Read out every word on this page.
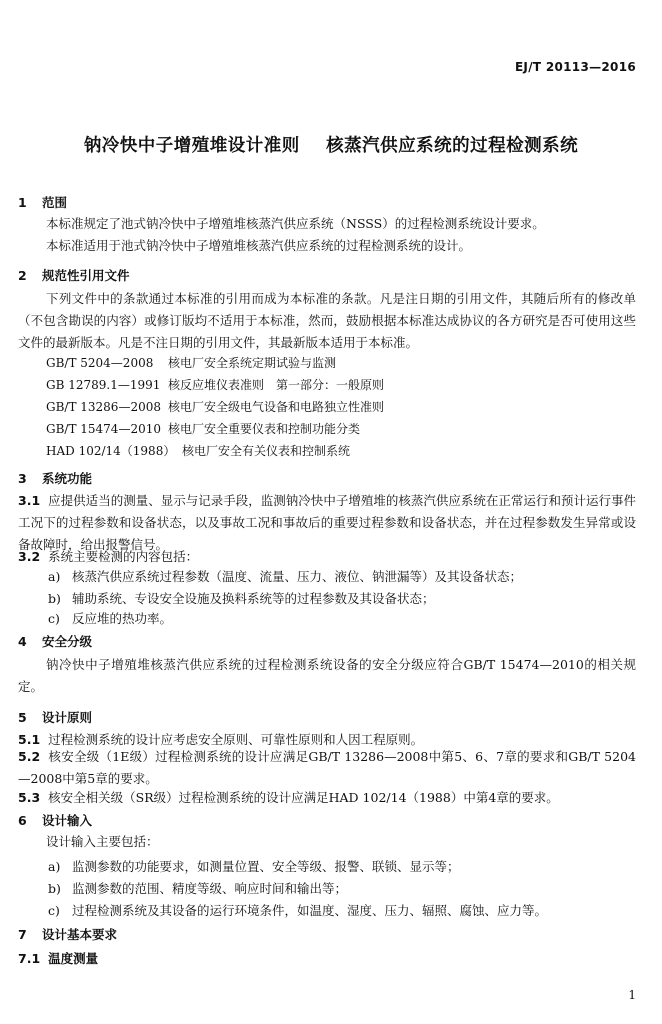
EJ/T 20113—2016
钠冷快中子增殖堆设计准则    核蒸汽供应系统的过程检测系统
1 范围
本标准规定了池式钠冷快中子增殖堆核蒸汽供应系统（NSSS）的过程检测系统设计要求。
本标准适用于池式钠冷快中子增殖堆核蒸汽供应系统的过程检测系统的设计。
2 规范性引用文件

下列文件中的条款通过本标准的引用而成为本标准的条款。凡是注日期的引用文件，其随后所有的修改单（不包含勘误的内容）或修订版均不适用于本标准，然而，鼓励根据本标准达成协议的各方研究是否可使用这些文件的最新版本。凡是不注日期的引用文件，其最新版本适用于本标准。

GB/T 5204—2008 核电厂安全系统定期试验与监测
GB 12789.1—1991 核反应堆仪表准则　第一部分：一般原则
GB/T 13286—2008 核电厂安全级电气设备和电路独立性准则
GB/T 15474—2010 核电厂安全重要仪表和控制功能分类
HAD 102/14（1988） 核电厂安全有关仪表和控制系统
3 系统功能

3.1 应提供适当的测量、显示与记录手段，监测钠冷快中子增殖堆的核蒸汽供应系统在正常运行和预计运行事件工况下的过程参数和设备状态，以及事故工况和事故后的重要过程参数和设备状态，并在过程参数发生异常或设备故障时，给出报警信号。

3.2 系统主要检测的内容包括：
a) 核蒸汽供应系统过程参数（温度、流量、压力、液位、钠泄漏等）及其设备状态；
b) 辅助系统、专设安全设施及换料系统等的过程参数及其设备状态；
c) 反应堆的热功率。
4 安全分级

钠冷快中子增殖堆核蒸汽供应系统的过程检测系统设备的安全分级应符合GB/T 15474—2010的相关规定。

5 设计原则
5.1 过程检测系统的设计应考虑安全原则、可靠性原则和人因工程原则。

5.2 核安全级（1E级）过程检测系统的设计应满足GB/T 13286—2008中第5、6、7章的要求和GB/T 5204—2008中第5章的要求。

5.3 核安全相关级（SR级）过程检测系统的设计应满足HAD 102/14（1988）中第4章的要求。
6 设计输入
设计输入主要包括：
a) 监测参数的功能要求，如测量位置、安全等级、报警、联锁、显示等；
b) 监测参数的范围、精度等级、响应时间和输出等；
c) 过程检测系统及其设备的运行环境条件，如温度、湿度、压力、辐照、腐蚀、应力等。
7 设计基本要求
7.1 温度测量
1
